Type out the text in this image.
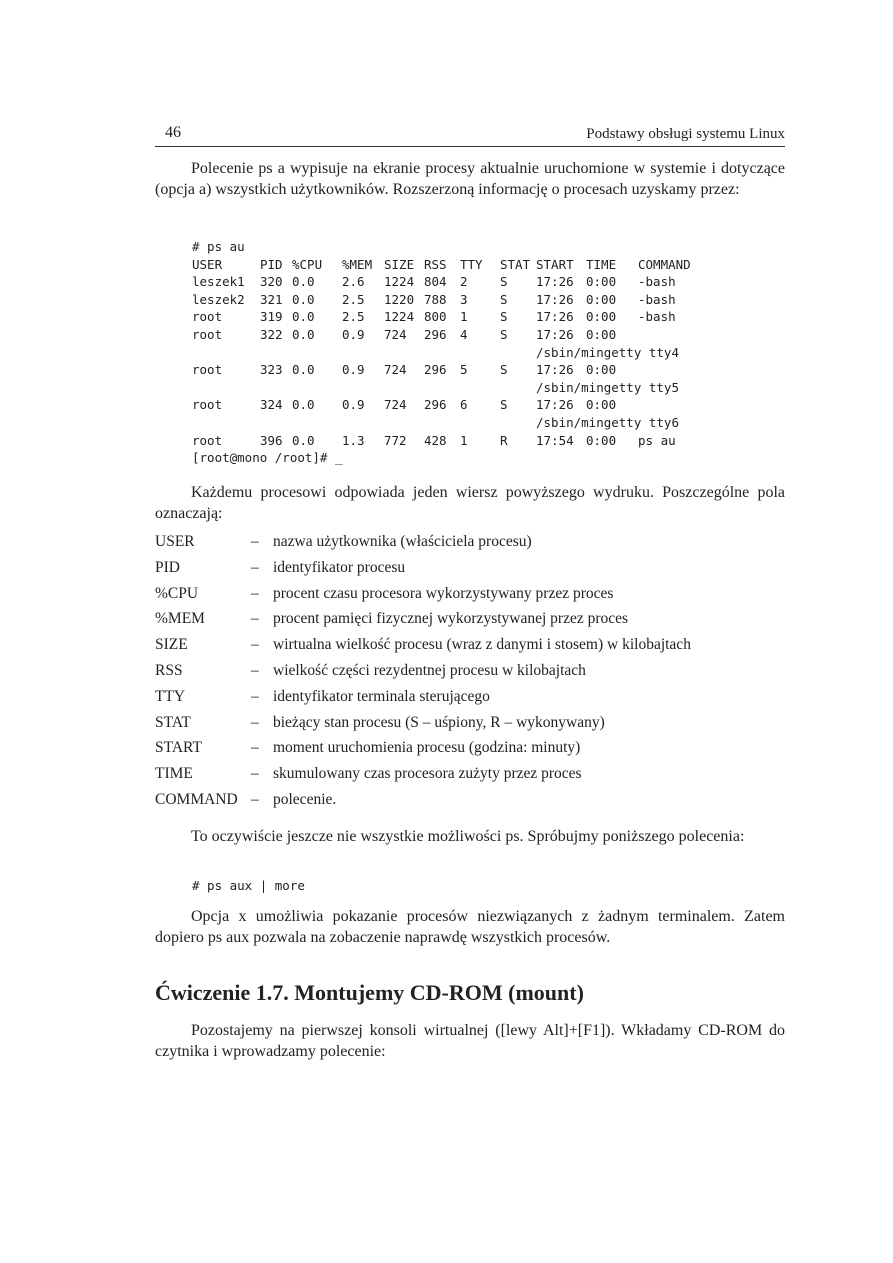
46	Podstawy obsługi systemu Linux

Polecenie ps a wypisuje na ekranie procesy aktualnie uruchomione w systemie i dotyczące (opcja a) wszystkich użytkowników. Rozszerzoną informację o procesach uzyskamy przez:

# ps au
USER	PID %CPU %MEM SIZE RSS TTY STAT START TIME COMMAND
leszek1 320 0.0 2.6 1224 804 2	S 17:26 0:00 -bash
leszek2 321 0.0 2.5 1220 788 3	S 17:26 0:00 -bash
root	319 0.0 2.5 1224 800 1	S 17:26 0:00 -bash
root	322 0.0 0.9 724 296 4	S 17:26 0:00
/sbin/mingetty tty4
root	323 0.0 0.9 724 296 5	S 17:26 0:00
/sbin/mingetty tty5
root	324 0.0 0.9 724 296 6	S 17:26 0:00
/sbin/mingetty tty6
root	396 0.0 1.3 772 428 1	R 17:54 0:00 ps au
[root@mono /root]# _

Każdemu procesowi odpowiada jeden wiersz powyższego wydruku. Poszczególne pola oznaczają:

USER	– nazwa użytkownika (właściciela procesu)
PID	– identyfikator procesu
%CPU	– procent czasu procesora wykorzystywany przez proces
%MEM	– procent pamięci fizycznej wykorzystywanej przez proces
SIZE	– wirtualna wielkość procesu (wraz z danymi i stosem) w kilobajtach
RSS	– wielkość części rezydentnej procesu w kilobajtach
TTY	– identyfikator terminala sterującego
STAT	– bieżący stan procesu (S – uśpiony, R – wykonywany)
START	– moment uruchomienia procesu (godzina: minuty)
TIME	– skumulowany czas procesora zużyty przez proces
COMMAND – polecenie.

To oczywiście jeszcze nie wszystkie możliwości ps. Spróbujmy poniższego polecenia:

# ps aux | more

Opcja x umożliwia pokazanie procesów niezwiązanych z żadnym terminalem. Zatem dopiero ps aux pozwala na zobaczenie naprawdę wszystkich procesów.

Ćwiczenie 1.7. Montujemy CD-ROM (mount)

Pozostajemy na pierwszej konsoli wirtualnej ([lewy Alt]+[F1]). Wkładamy CD-ROM do czytnika i wprowadzamy polecenie:
